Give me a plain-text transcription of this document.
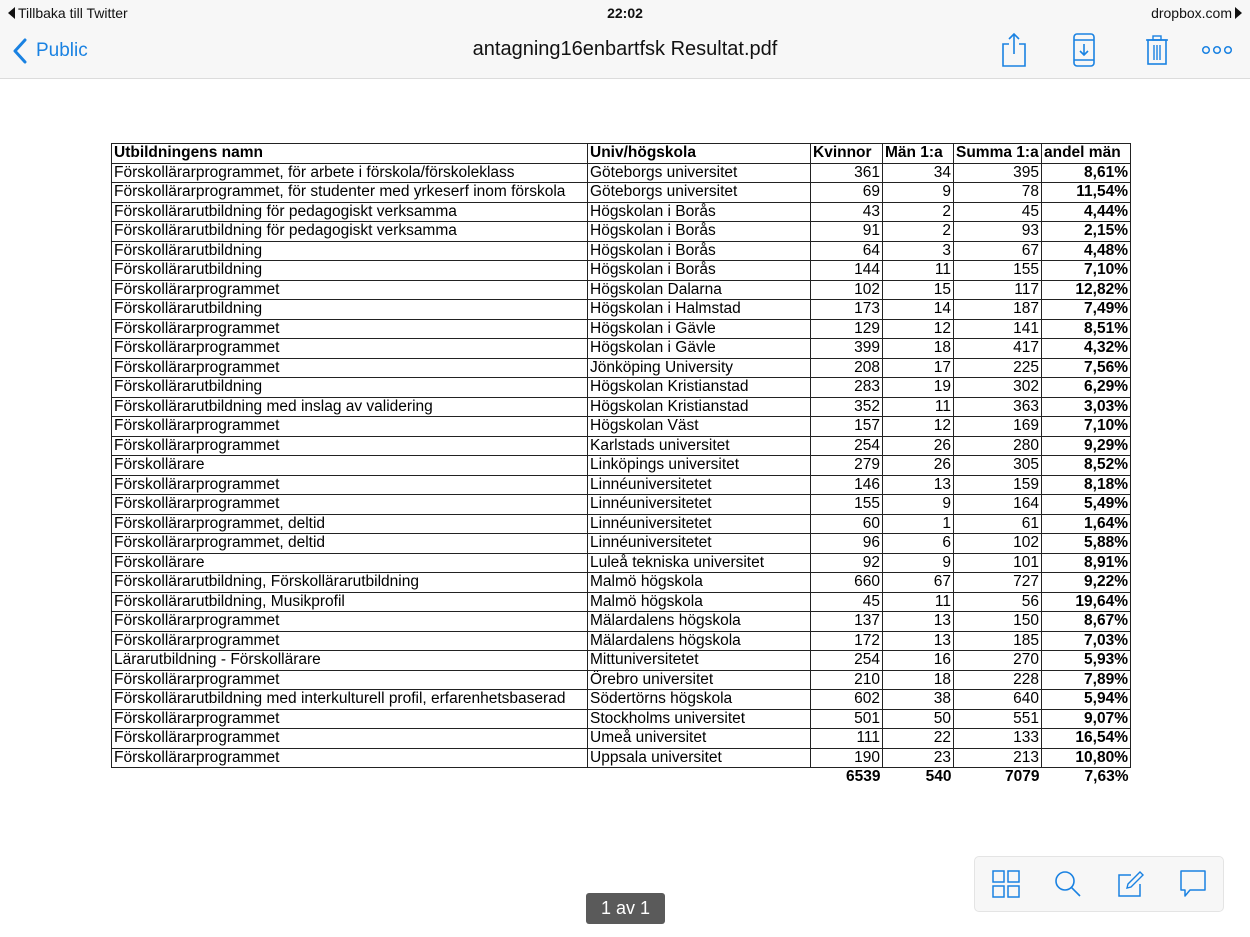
Tillbaka till Twitter	22:02	dropbox.com
Public	antagning16enbartfsk Resultat.pdf
Utbildningens namn	Univ/högskola	Kvinnor	Män 1:a	Summa 1:a	andel män
Förskollärarprogrammet, för arbete i förskola/förskoleklass	Göteborgs universitet	361	34	395	8,61%
Förskollärarprogrammet, för studenter med yrkeserf inom förskola	Göteborgs universitet	69	9	78	11,54%
Förskollärarutbildning för pedagogiskt verksamma	Högskolan i Borås	43	2	45	4,44%
Förskollärarutbildning för pedagogiskt verksamma	Högskolan i Borås	91	2	93	2,15%
Förskollärarutbildning	Högskolan i Borås	64	3	67	4,48%
Förskollärarutbildning	Högskolan i Borås	144	11	155	7,10%
Förskollärarprogrammet	Högskolan Dalarna	102	15	117	12,82%
Förskollärarutbildning	Högskolan i Halmstad	173	14	187	7,49%
Förskollärarprogrammet	Högskolan i Gävle	129	12	141	8,51%
Förskollärarprogrammet	Högskolan i Gävle	399	18	417	4,32%
Förskollärarprogrammet	Jönköping University	208	17	225	7,56%
Förskollärarutbildning	Högskolan Kristianstad	283	19	302	6,29%
Förskollärarutbildning med inslag av validering	Högskolan Kristianstad	352	11	363	3,03%
Förskollärarprogrammet	Högskolan Väst	157	12	169	7,10%
Förskollärarprogrammet	Karlstads universitet	254	26	280	9,29%
Förskollärare	Linköpings universitet	279	26	305	8,52%
Förskollärarprogrammet	Linnéuniversitetet	146	13	159	8,18%
Förskollärarprogrammet	Linnéuniversitetet	155	9	164	5,49%
Förskollärarprogrammet, deltid	Linnéuniversitetet	60	1	61	1,64%
Förskollärarprogrammet, deltid	Linnéuniversitetet	96	6	102	5,88%
Förskollärare	Luleå tekniska universitet	92	9	101	8,91%
Förskollärarutbildning, Förskollärarutbildning	Malmö högskola	660	67	727	9,22%
Förskollärarutbildning, Musikprofil	Malmö högskola	45	11	56	19,64%
Förskollärarprogrammet	Mälardalens högskola	137	13	150	8,67%
Förskollärarprogrammet	Mälardalens högskola	172	13	185	7,03%
Lärarutbildning - Förskollärare	Mittuniversitetet	254	16	270	5,93%
Förskollärarprogrammet	Örebro universitet	210	18	228	7,89%
Förskollärarutbildning med interkulturell profil, erfarenhetsbaserad	Södertörns högskola	602	38	640	5,94%
Förskollärarprogrammet	Stockholms universitet	501	50	551	9,07%
Förskollärarprogrammet	Umeå universitet	111	22	133	16,54%
Förskollärarprogrammet	Uppsala universitet	190	23	213	10,80%
		6539	540	7079	7,63%
1 av 1
